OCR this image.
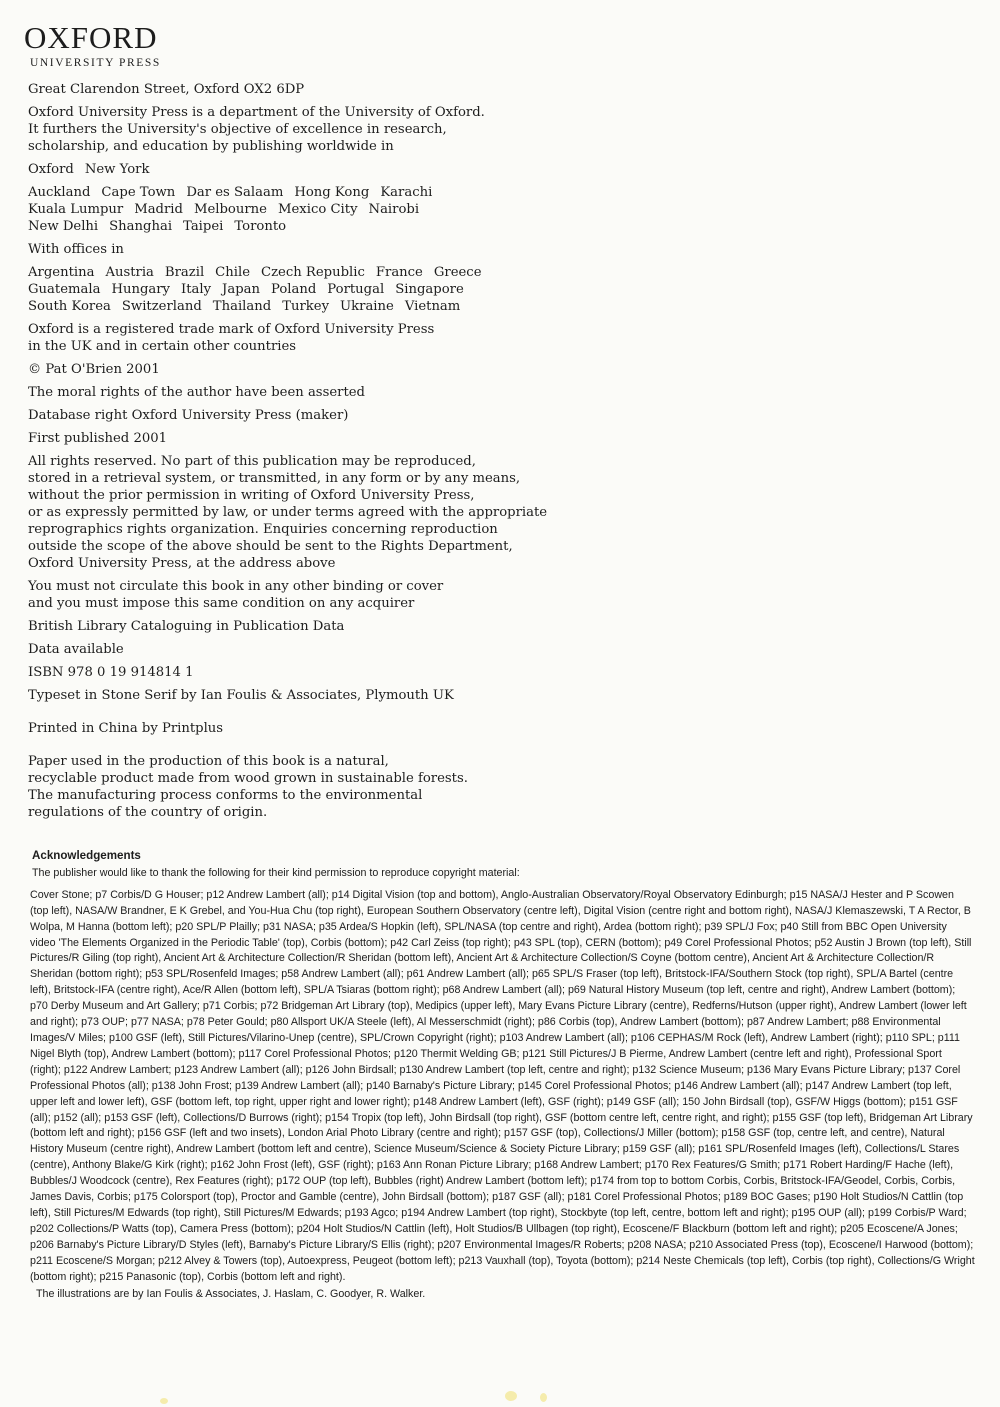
OXFORD
UNIVERSITY PRESS

Great Clarendon Street, Oxford OX2 6DP

Oxford University Press is a department of the University of Oxford.

It furthers the University's objective of excellence in research,

scholarship, and education by publishing worldwide in

Oxford New York

Auckland Cape Town Dar es Salaam Hong Kong Karachi

Kuala Lumpur Madrid Melbourne Mexico City Nairobi

New Delhi Shanghai Taipei Toronto

With offices in

Argentina Austria Brazil Chile Czech Republic France Greece

Guatemala Hungary Italy Japan Poland Portugal Singapore

South Korea Switzerland Thailand Turkey Ukraine Vietnam

Oxford is a registered trade mark of Oxford University Press

in the UK and in certain other countries

© Pat O'Brien 2001

The moral rights of the author have been asserted

Database right Oxford University Press (maker)

First published 2001

All rights reserved. No part of this publication may be reproduced,

stored in a retrieval system, or transmitted, in any form or by any means,

without the prior permission in writing of Oxford University Press,

or as expressly permitted by law, or under terms agreed with the appropriate

reprographics rights organization. Enquiries concerning reproduction

outside the scope of the above should be sent to the Rights Department,

Oxford University Press, at the address above

You must not circulate this book in any other binding or cover

and you must impose this same condition on any acquirer

British Library Cataloguing in Publication Data

Data available

ISBN 978 0 19 914814 1

Typeset in Stone Serif by Ian Foulis & Associates, Plymouth UK

Printed in China by Printplus

Paper used in the production of this book is a natural,

recyclable product made from wood grown in sustainable forests.

The manufacturing process conforms to the environmental

regulations of the country of origin.

Acknowledgements

The publisher would like to thank the following for their kind permission to reproduce copyright material:

Cover Stone; p7 Corbis/D G Houser; p12 Andrew Lambert (all); p14 Digital Vision (top and bottom), Anglo-Australian Observatory/Royal Observatory Edinburgh; p15 NASA/J Hester and P Scowen (top left), NASA/W Brandner, E K Grebel, and You-Hua Chu (top right), European Southern Observatory (centre left), Digital Vision (centre right and bottom right), NASA/J Klemaszewski, T A Rector, B Wolpa, M Hanna (bottom left); p20 SPL/P Plailly; p31 NASA; p35 Ardea/S Hopkin (left), SPL/NASA (top centre and right), Ardea (bottom right); p39 SPL/J Fox; p40 Still from BBC Open University video 'The Elements Organized in the Periodic Table' (top), Corbis (bottom); p42 Carl Zeiss (top right); p43 SPL (top), CERN (bottom); p49 Corel Professional Photos; p52 Austin J Brown (top left), Still Pictures/R Giling (top right), Ancient Art & Architecture Collection/R Sheridan (bottom left), Ancient Art & Architecture Collection/S Coyne (bottom centre), Ancient Art & Architecture Collection/R Sheridan (bottom right); p53 SPL/Rosenfeld Images; p58 Andrew Lambert (all); p61 Andrew Lambert (all); p65 SPL/S Fraser (top left), Britstock-IFA/Southern Stock (top right), SPL/A Bartel (centre left), Britstock-IFA (centre right), Ace/R Allen (bottom left), SPL/A Tsiaras (bottom right); p68 Andrew Lambert (all); p69 Natural History Museum (top left, centre and right), Andrew Lambert (bottom); p70 Derby Museum and Art Gallery; p71 Corbis; p72 Bridgeman Art Library (top), Medipics (upper left), Mary Evans Picture Library (centre), Redferns/Hutson (upper right), Andrew Lambert (lower left and right); p73 OUP; p77 NASA; p78 Peter Gould; p80 Allsport UK/A Steele (left), Al Messerschmidt (right); p86 Corbis (top), Andrew Lambert (bottom); p87 Andrew Lambert; p88 Environmental Images/V Miles; p100 GSF (left), Still Pictures/Vilarino-Unep (centre), SPL/Crown Copyright (right); p103 Andrew Lambert (all); p106 CEPHAS/M Rock (left), Andrew Lambert (right); p110 SPL; p111 Nigel Blyth (top), Andrew Lambert (bottom); p117 Corel Professional Photos; p120 Thermit Welding GB; p121 Still Pictures/J B Pierme, Andrew Lambert (centre left and right), Professional Sport (right); p122 Andrew Lambert; p123 Andrew Lambert (all); p126 John Birdsall; p130 Andrew Lambert (top left, centre and right); p132 Science Museum; p136 Mary Evans Picture Library; p137 Corel Professional Photos (all); p138 John Frost; p139 Andrew Lambert (all); p140 Barnaby's Picture Library; p145 Corel Professional Photos; p146 Andrew Lambert (all); p147 Andrew Lambert (top left, upper left and lower left), GSF (bottom left, top right, upper right and lower right); p148 Andrew Lambert (left), GSF (right); p149 GSF (all); 150 John Birdsall (top), GSF/W Higgs (bottom); p151 GSF (all); p152 (all); p153 GSF (left), Collections/D Burrows (right); p154 Tropix (top left), John Birdsall (top right), GSF (bottom centre left, centre right, and right); p155 GSF (top left), Bridgeman Art Library (bottom left and right); p156 GSF (left and two insets), London Arial Photo Library (centre and right); p157 GSF (top), Collections/J Miller (bottom); p158 GSF (top, centre left, and centre), Natural History Museum (centre right), Andrew Lambert (bottom left and centre), Science Museum/Science & Society Picture Library; p159 GSF (all); p161 SPL/Rosenfeld Images (left), Collections/L Stares (centre), Anthony Blake/G Kirk (right); p162 John Frost (left), GSF (right); p163 Ann Ronan Picture Library; p168 Andrew Lambert; p170 Rex Features/G Smith; p171 Robert Harding/F Hache (left), Bubbles/J Woodcock (centre), Rex Features (right); p172 OUP (top left), Bubbles (right) Andrew Lambert (bottom left); p174 from top to bottom Corbis, Corbis, Britstock-IFA/Geodel, Corbis, Corbis, James Davis, Corbis; p175 Colorsport (top), Proctor and Gamble (centre), John Birdsall (bottom); p187 GSF (all); p181 Corel Professional Photos; p189 BOC Gases; p190 Holt Studios/N Cattlin (top left), Still Pictures/M Edwards (top right), Still Pictures/M Edwards; p193 Agco; p194 Andrew Lambert (top right), Stockbyte (top left, centre, bottom left and right); p195 OUP (all); p199 Corbis/P Ward; p202 Collections/P Watts (top), Camera Press (bottom); p204 Holt Studios/N Cattlin (left), Holt Studios/B Ullbagen (top right), Ecoscene/F Blackburn (bottom left and right); p205 Ecoscene/A Jones; p206 Barnaby's Picture Library/D Styles (left), Barnaby's Picture Library/S Ellis (right); p207 Environmental Images/R Roberts; p208 NASA; p210 Associated Press (top), Ecoscene/I Harwood (bottom); p211 Ecoscene/S Morgan; p212 Alvey & Towers (top), Autoexpress, Peugeot (bottom left); p213 Vauxhall (top), Toyota (bottom); p214 Neste Chemicals (top left), Corbis (top right), Collections/G Wright (bottom right); p215 Panasonic (top), Corbis (bottom left and right).

The illustrations are by Ian Foulis & Associates, J. Haslam, C. Goodyer, R. Walker.
